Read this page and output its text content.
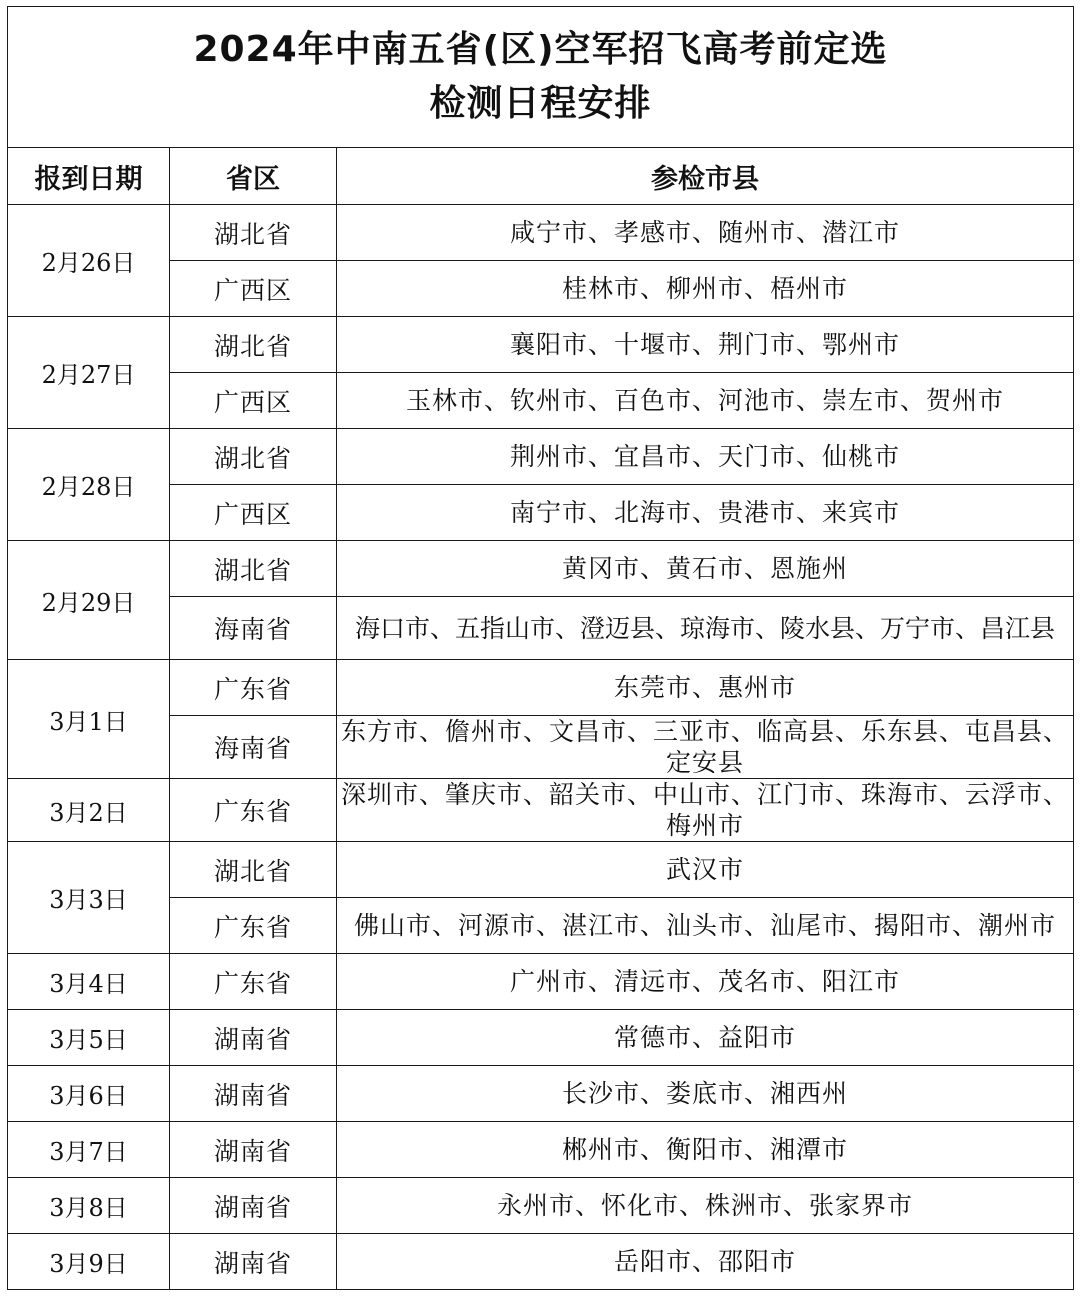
2024年中南五省(区)空军招飞高考前定选
检测日程安排		

报到日期	省区	参检市县
2月26日	湖北省	咸宁市、孝感市、随州市、潜江市
	广西区	桂林市、柳州市、梧州市
2月27日	湖北省	襄阳市、十堰市、荆门市、鄂州市
	广西区	玉林市、钦州市、百色市、河池市、崇左市、贺州市
2月28日	湖北省	荆州市、宜昌市、天门市、仙桃市
	广西区	南宁市、北海市、贵港市、来宾市
2月29日	湖北省	黄冈市、黄石市、恩施州
	海南省	海口市、五指山市、澄迈县、琼海市、陵水县、万宁市、昌江县
3月1日	广东省	东莞市、惠州市
	海南省	东方市、儋州市、文昌市、三亚市、临高县、乐东县、屯昌县、定安县
3月2日	广东省	深圳市、肇庆市、韶关市、中山市、江门市、珠海市、云浮市、梅州市
3月3日	湖北省	武汉市
	广东省	佛山市、河源市、湛江市、汕头市、汕尾市、揭阳市、潮州市
3月4日	广东省	广州市、清远市、茂名市、阳江市
3月5日	湖南省	常德市、益阳市
3月6日	湖南省	长沙市、娄底市、湘西州
3月7日	湖南省	郴州市、衡阳市、湘潭市
3月8日	湖南省	永州市、怀化市、株洲市、张家界市
3月9日	湖南省	岳阳市、邵阳市
